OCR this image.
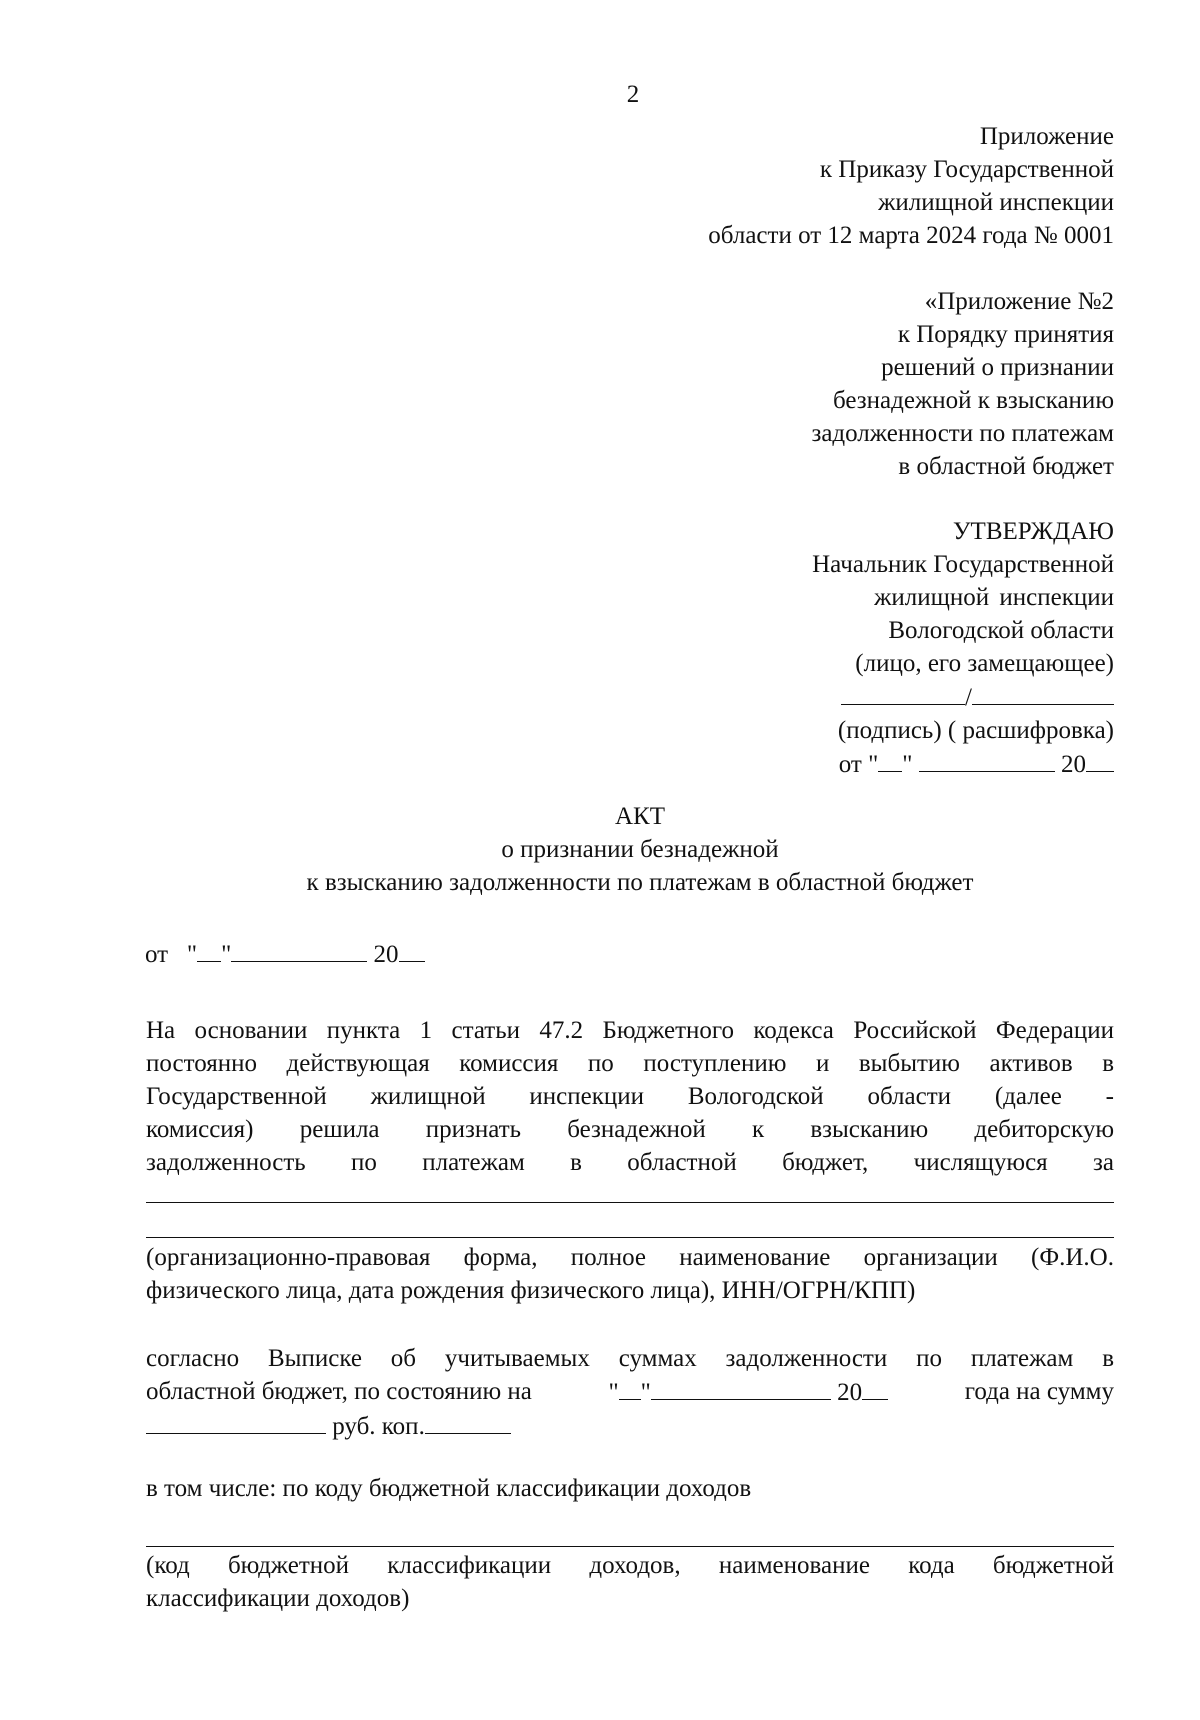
2
Приложение
к Приказу Государственной
жилищной инспекции
области от 12 марта 2024 года № 0001
«Приложение №2
к Порядку принятия
решений о признании
безнадежной к взысканию
задолженности по платежам
в областной бюджет
УТВЕРЖДАЮ
Начальник Государственной
жилищной инспекции
Вологодской области
(лицо, его замещающее)
/
(подпись) ( расшифровка)
от " "	20
АКТ
о признании безнадежной
к взысканию задолженности по платежам в областной бюджет
от " "	20
На основании пункта 1 статьи 47.2 Бюджетного кодекса Российской Федерации
постоянно действующая комиссия по поступлению и выбытию активов в
Государственной жилищной инспекции Вологодской области (далее -
комиссия) решила признать безнадежной к взысканию дебиторскую
задолженность по платежам в областной бюджет, числящуюся за
(организационно-правовая форма, полное наименование организации (Ф.И.О.
физического лица, дата рождения физического лица), ИНН/ОГРН/КПП)
согласно Выписке об учитываемых суммах задолженности по платежам в
областной бюджет, по состоянию на	" "	20	года на сумму
руб. коп.
в том числе: по коду бюджетной классификации доходов
(код бюджетной классификации доходов, наименование кода бюджетной
классификации доходов)
